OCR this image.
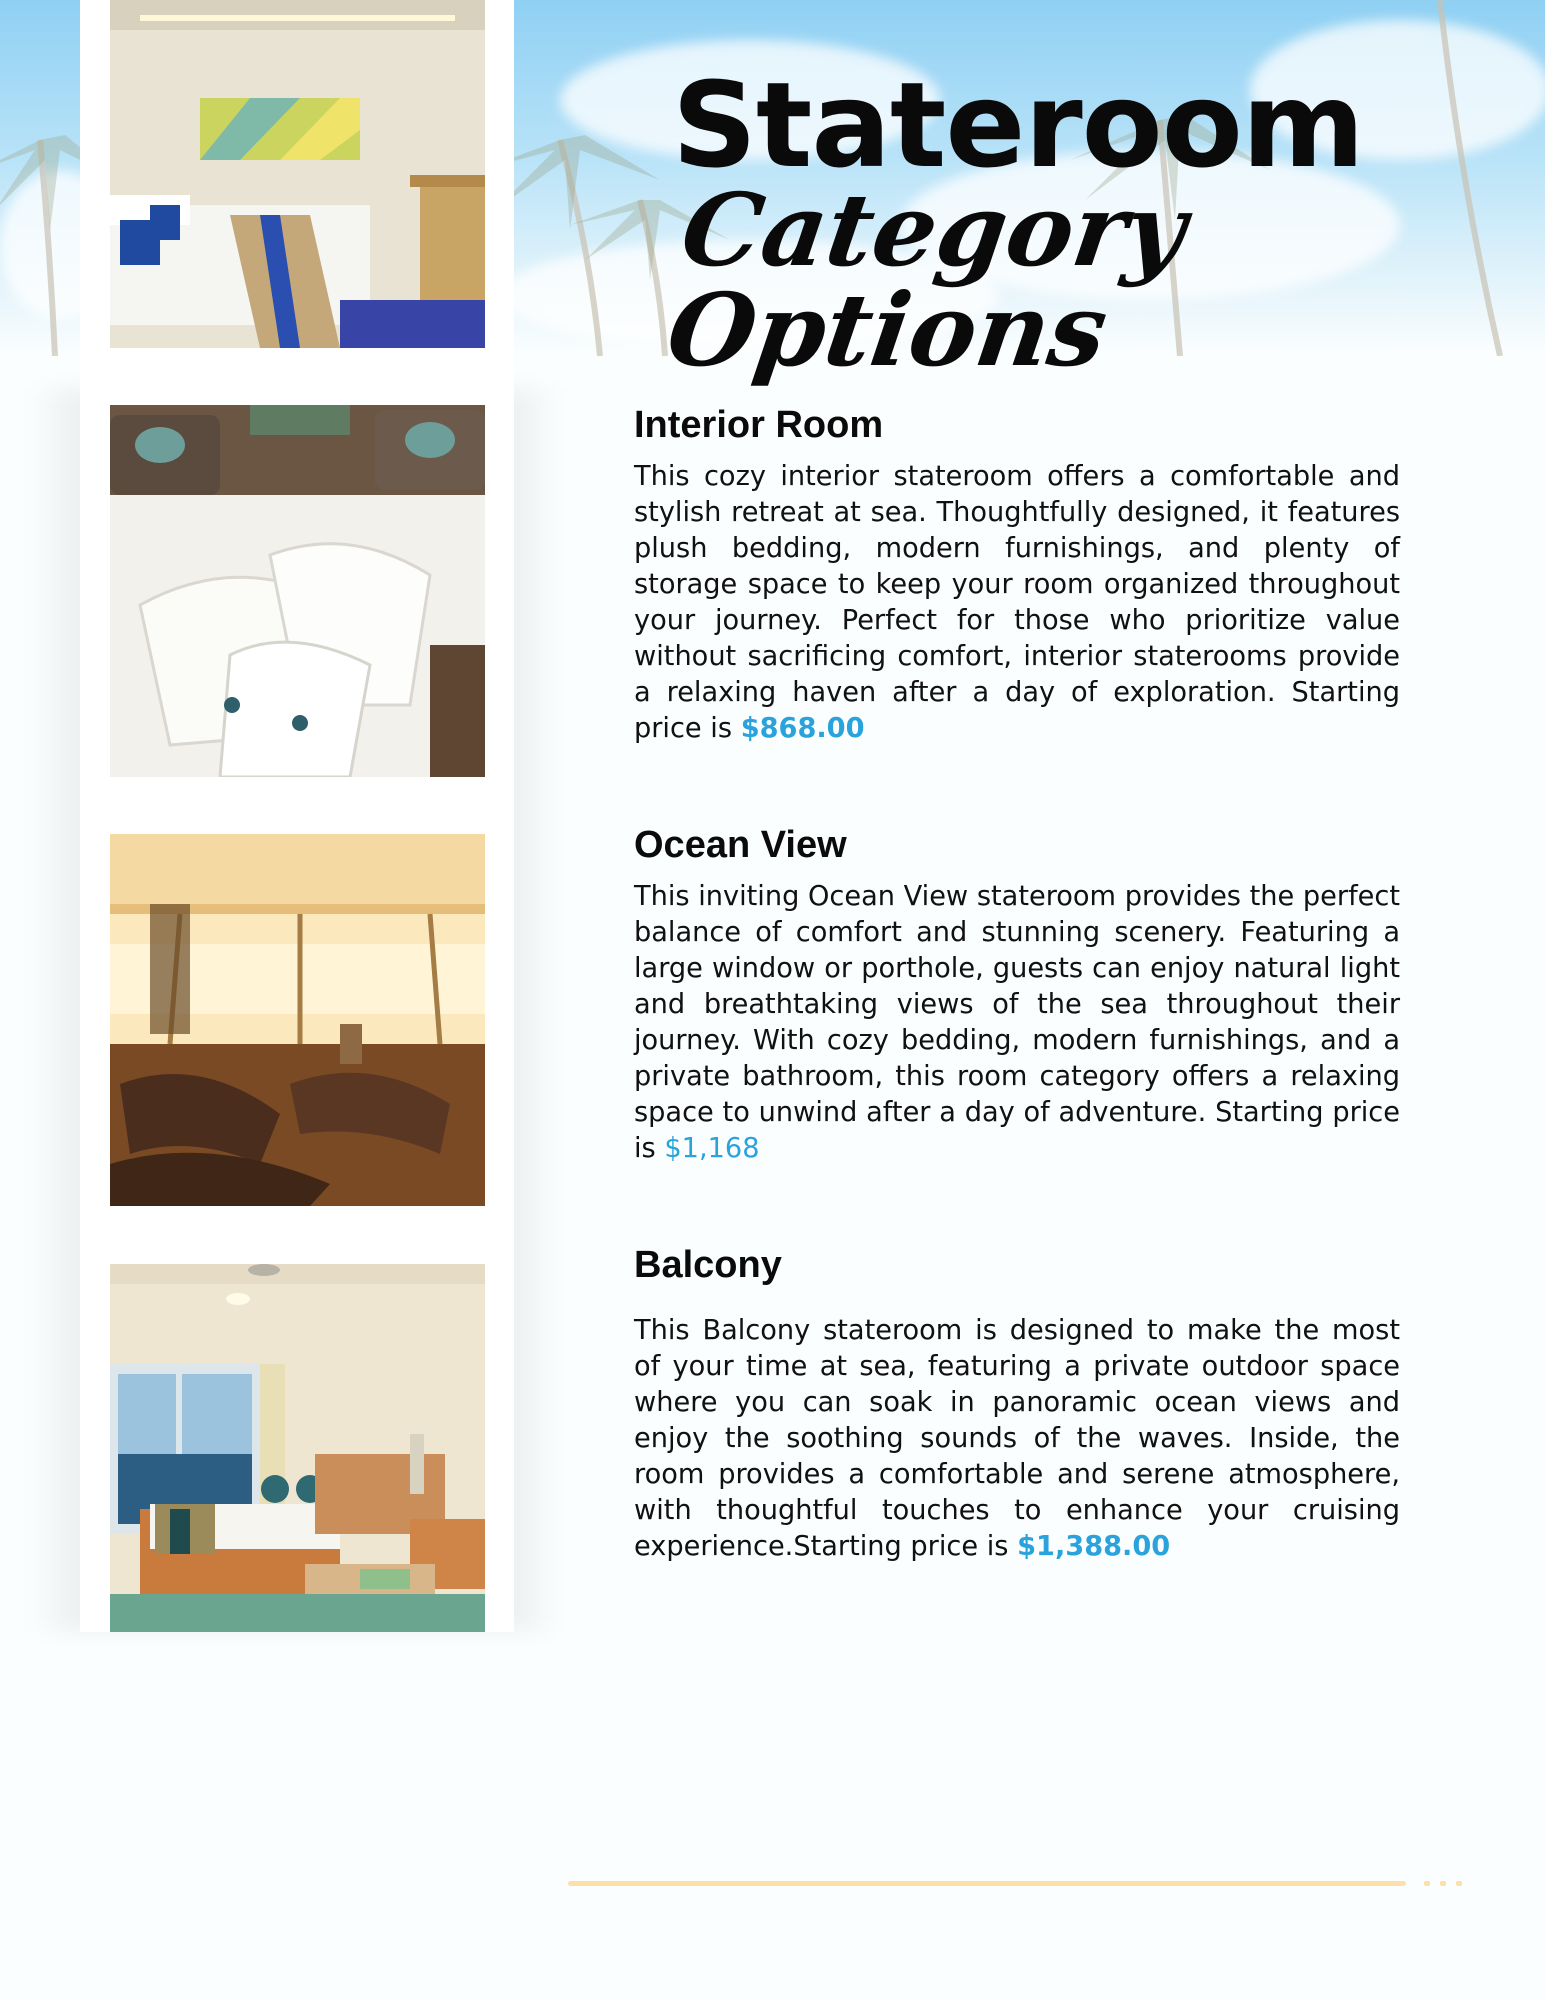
Stateroom
Category Options
Interior Room

This cozy interior stateroom offers a comfortable and stylish retreat at sea. Thoughtfully designed, it features plush bedding, modern furnishings, and plenty of storage space to keep your room organized throughout your journey. Perfect for those who prioritize value without sacrificing comfort, interior staterooms provide a relaxing haven after a day of exploration. Starting price is $868.00

Ocean View

This inviting Ocean View stateroom provides the perfect balance of comfort and stunning scenery. Featuring a large window or porthole, guests can enjoy natural light and breathtaking views of the sea throughout their journey. With cozy bedding, modern furnishings, and a private bathroom, this room category offers a relaxing space to unwind after a day of adventure. Starting price is $1,168

Balcony

This Balcony stateroom is designed to make the most of your time at sea, featuring a private outdoor space where you can soak in panoramic ocean views and enjoy the soothing sounds of the waves. Inside, the room provides a comfortable and serene atmosphere, with thoughtful touches to enhance your cruising experience.Starting price is $1,388.00
